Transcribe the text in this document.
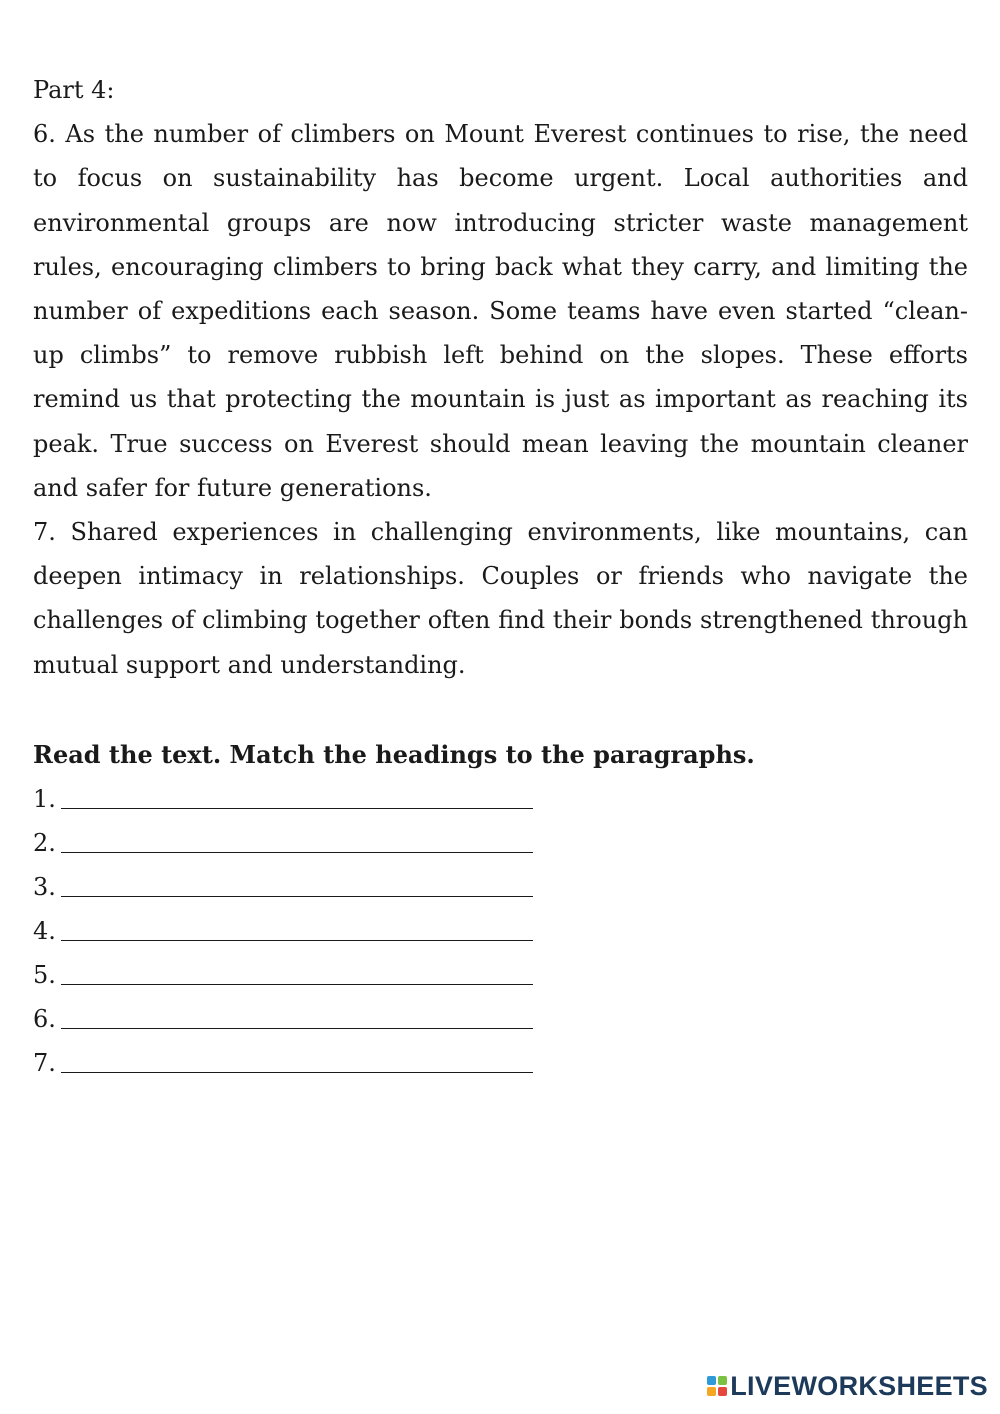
Part 4:

6. As the number of climbers on Mount Everest continues to rise, the need to focus on sustainability has become urgent. Local authorities and environmental groups are now introducing stricter waste management rules, encouraging climbers to bring back what they carry, and limiting the number of expeditions each season. Some teams have even started “clean-up climbs” to remove rubbish left behind on the slopes. These efforts remind us that protecting the mountain is just as important as reaching its peak. True success on Everest should mean leaving the mountain cleaner and safer for future generations.

7. Shared experiences in challenging environments, like mountains, can deepen intimacy in relationships. Couples or friends who navigate the challenges of climbing together often find their bonds strengthened through mutual support and understanding.

Read the text. Match the headings to the paragraphs.

1.
2.
3.
4.
5.
6.
7.
LIVEWORKSHEETS
